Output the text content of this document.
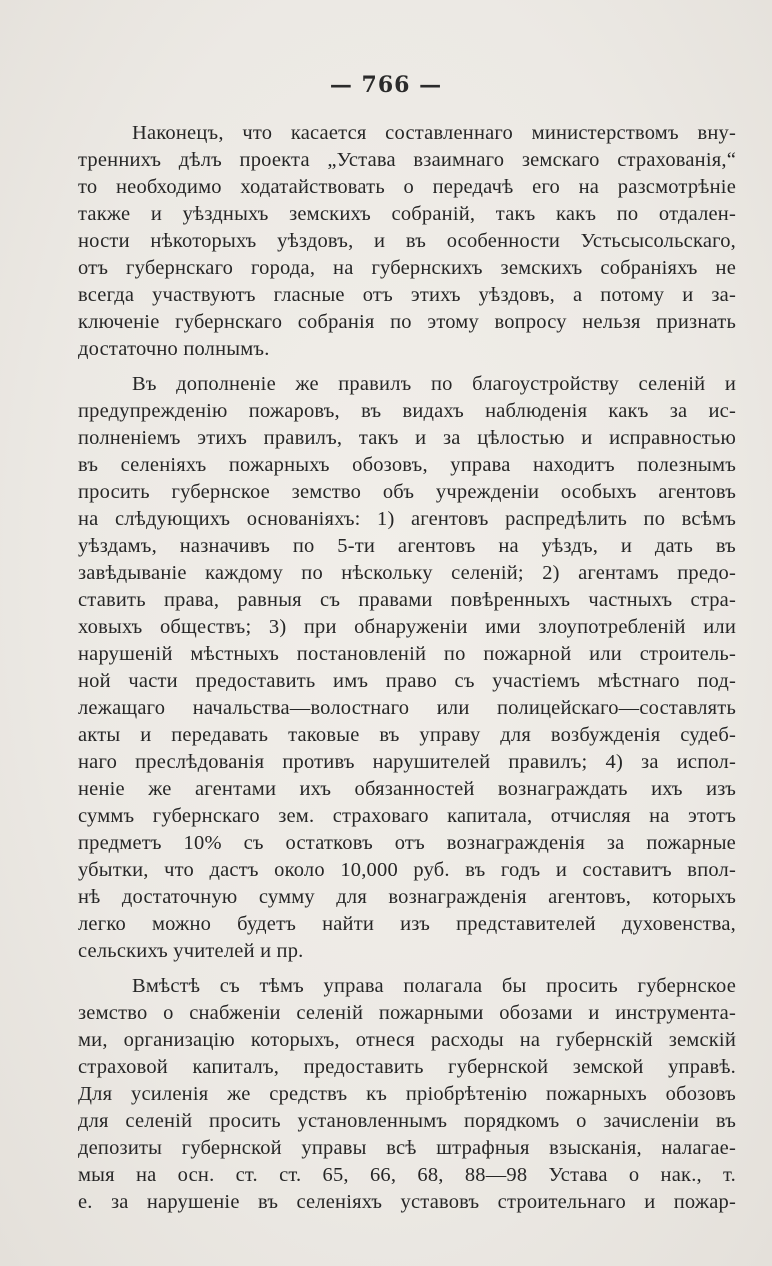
— 766 —
Наконецъ, что касается составленнаго министерствомъ вну-
треннихъ дѣлъ проекта „Устава взаимнаго земскаго страхованія,“
то необходимо ходатайствовать о передачѣ его на разсмотрѣніе
также и уѣздныхъ земскихъ собраній, такъ какъ по отдален-
ности нѣкоторыхъ уѣздовъ, и въ особенности Устьсысольскаго,
отъ губернскаго города, на губернскихъ земскихъ собраніяхъ не
всегда участвуютъ гласные отъ этихъ уѣздовъ, а потому и за-
ключеніе губернскаго собранія по этому вопросу нельзя признать
достаточно полнымъ.
Въ дополненіе же правилъ по благоустройству селеній и
предупрежденію пожаровъ, въ видахъ наблюденія какъ за ис-
полненіемъ этихъ правилъ, такъ и за цѣлостью и исправностью
въ селеніяхъ пожарныхъ обозовъ, управа находитъ полезнымъ
просить губернское земство объ учрежденіи особыхъ агентовъ
на слѣдующихъ основаніяхъ: 1) агентовъ распредѣлить по всѣмъ
уѣздамъ, назначивъ по 5-ти агентовъ на уѣздъ, и дать въ
завѣдываніе каждому по нѣскольку селеній; 2) агентамъ предо-
ставить права, равныя съ правами повѣренныхъ частныхъ стра-
ховыхъ обществъ; 3) при обнаруженіи ими злоупотребленій или
нарушеній мѣстныхъ постановленій по пожарной или строитель-
ной части предоставить имъ право съ участіемъ мѣстнаго под-
лежащаго начальства—волостнаго или полицейскаго—составлять
акты и передавать таковые въ управу для возбужденія судеб-
наго преслѣдованія противъ нарушителей правилъ; 4) за испол-
неніе же агентами ихъ обязанностей вознаграждать ихъ изъ
суммъ губернскаго зем. страховаго капитала, отчисляя на этотъ
предметъ 10% съ остатковъ отъ вознагражденія за пожарные
убытки, что дастъ около 10,000 руб. въ годъ и составитъ впол-
нѣ достаточную сумму для вознагражденія агентовъ, которыхъ
легко можно будетъ найти изъ представителей духовенства,
сельскихъ учителей и пр.
Вмѣстѣ съ тѣмъ управа полагала бы просить губернское
земство о снабженіи селеній пожарными обозами и инструмента-
ми, организацію которыхъ, отнеся расходы на губернскій земскій
страховой капиталъ, предоставить губернской земской управѣ.
Для усиленія же средствъ къ пріобрѣтенію пожарныхъ обозовъ
для селеній просить установленнымъ порядкомъ о зачисленіи въ
депозиты губернской управы всѣ штрафныя взысканія, налагае-
мыя на осн. ст. ст. 65, 66, 68, 88—98 Устава о нак., т.
е. за нарушеніе въ селеніяхъ уставовъ строительнаго и пожар-
